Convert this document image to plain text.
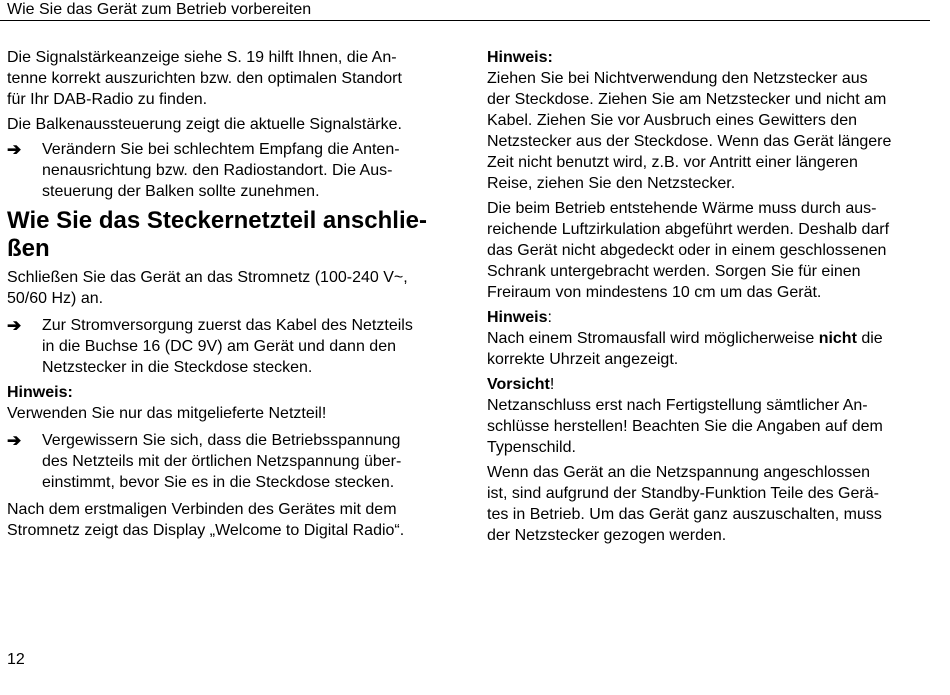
Wie Sie das Gerät zum Betrieb vorbereiten

Die Signalstärkeanzeige siehe S. 19 hilft Ihnen, die An-
tenne korrekt auszurichten bzw. den optimalen Standort
für Ihr DAB-Radio zu finden.

Die Balkenaussteuerung zeigt die aktuelle Signalstärke.

➔ Verändern Sie bei schlechtem Empfang die Anten-
nenausrichtung bzw. den Radiostandort. Die Aus-
steuerung der Balken sollte zunehmen.
Wie Sie das Steckernetzteil anschlie-
ßen

Schließen Sie das Gerät an das Stromnetz (100-240 V~,
50/60 Hz) an.

➔ Zur Stromversorgung zuerst das Kabel des Netzteils
in die Buchse 16 (DC 9V) am Gerät und dann den
Netzstecker in die Steckdose stecken.

Hinweis:
Verwenden Sie nur das mitgelieferte Netzteil!

➔ Vergewissern Sie sich, dass die Betriebsspannung
des Netzteils mit der örtlichen Netzspannung über-
einstimmt, bevor Sie es in die Steckdose stecken.

Nach dem erstmaligen Verbinden des Gerätes mit dem
Stromnetz zeigt das Display „Welcome to Digital Radio“.

Hinweis:
Ziehen Sie bei Nichtverwendung den Netzstecker aus
der Steckdose. Ziehen Sie am Netzstecker und nicht am
Kabel. Ziehen Sie vor Ausbruch eines Gewitters den
Netzstecker aus der Steckdose. Wenn das Gerät längere
Zeit nicht benutzt wird, z.B. vor Antritt einer längeren
Reise, ziehen Sie den Netzstecker.

Die beim Betrieb entstehende Wärme muss durch aus-
reichende Luftzirkulation abgeführt werden. Deshalb darf
das Gerät nicht abgedeckt oder in einem geschlossenen
Schrank untergebracht werden. Sorgen Sie für einen
Freiraum von mindestens 10 cm um das Gerät.

Hinweis:
Nach einem Stromausfall wird möglicherweise nicht die
korrekte Uhrzeit angezeigt.

Vorsicht!
Netzanschluss erst nach Fertigstellung sämtlicher An-
schlüsse herstellen! Beachten Sie die Angaben auf dem
Typenschild.

Wenn das Gerät an die Netzspannung angeschlossen
ist, sind aufgrund der Standby-Funktion Teile des Gerä-
tes in Betrieb. Um das Gerät ganz auszuschalten, muss
der Netzstecker gezogen werden.

12
